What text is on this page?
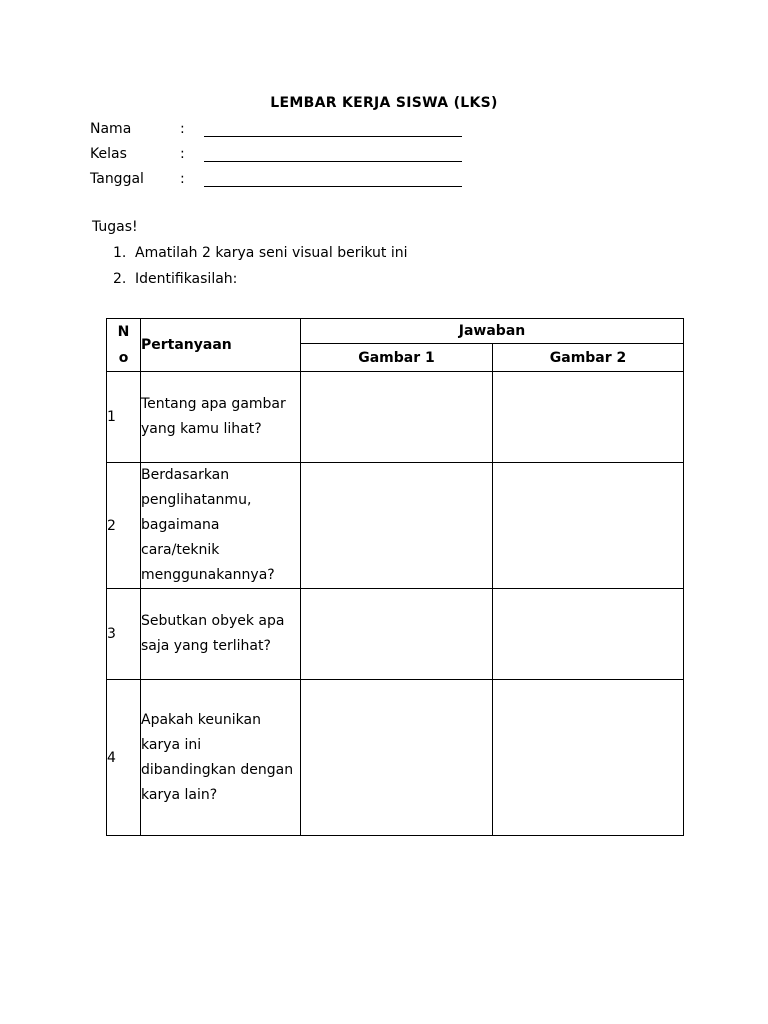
LEMBAR KERJA SISWA (LKS)
Nama	:
Kelas	:
Tanggal	:
Tugas!
1. Amatilah 2 karya seni visual berikut ini
2. Identifikasilah:
N
o	Pertanyaan	Jawaban	
		Gambar 1	Gambar 2
1	Tentang apa gambar yang kamu lihat?		
2	Berdasarkan penglihatanmu, bagaimana cara/teknik menggunakannya?		
3	Sebutkan obyek apa saja yang terlihat?		
4	Apakah keunikan karya ini dibandingkan dengan karya lain?		
